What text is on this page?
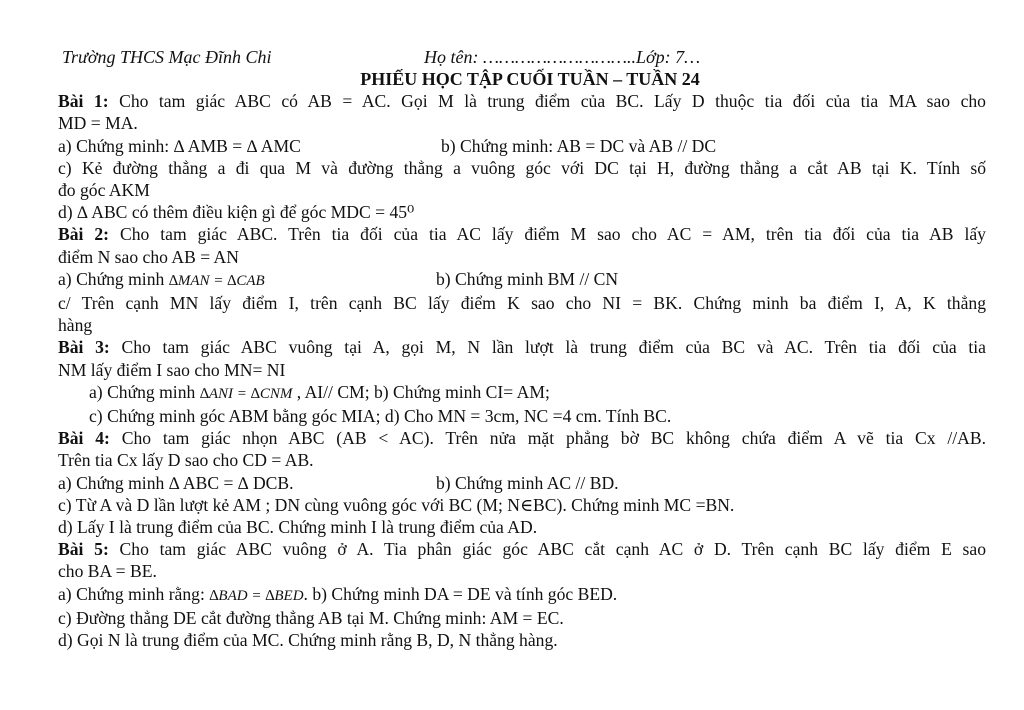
Trường THCS Mạc Đĩnh Chi	Họ tên: ………………………..Lớp: 7…
PHIẾU HỌC TẬP CUỐI TUẦN – TUẦN 24
Bài 1: Cho tam giác ABC có AB = AC. Gọi M là trung điểm của BC. Lấy D thuộc tia đối của tia MA sao cho
MD = MA.
a) Chứng minh: ∆ AMB = ∆ AMC	b) Chứng minh: AB = DC và AB // DC
c) Kẻ đường thẳng a đi qua M và đường thẳng a vuông góc với DC tại H, đường thẳng a cắt AB tại K. Tính số
đo góc AKM
d) ∆ ABC có thêm điều kiện gì để góc MDC = 45⁰
Bài 2: Cho tam giác ABC. Trên tia đối của tia AC lấy điểm M sao cho AC = AM, trên tia đối của tia AB lấy
điểm N sao cho AB = AN
a) Chứng minh ∆MAN = ∆CAB	b) Chứng minh BM // CN
c/ Trên cạnh MN lấy điểm I, trên cạnh BC lấy điểm K sao cho NI = BK. Chứng minh ba điểm I, A, K thẳng
hàng
Bài 3: Cho tam giác ABC vuông tại A, gọi M, N lần lượt là trung điểm của BC và AC. Trên tia đối của tia
NM lấy điểm I sao cho MN= NI
a) Chứng minh ∆ANI = ∆CNM , AI// CM; b) Chứng minh CI= AM;
c) Chứng minh góc ABM bằng góc MIA; d) Cho MN = 3cm, NC =4 cm. Tính BC.
Bài 4: Cho tam giác nhọn ABC (AB < AC). Trên nửa mặt phẳng bờ BC không chứa điểm A vẽ tia Cx //AB.
Trên tia Cx lấy D sao cho CD = AB.
a) Chứng minh ∆ ABC = ∆ DCB.	b) Chứng minh AC // BD.
c) Từ A và D lần lượt kẻ AM ; DN cùng vuông góc với BC (M; N∈BC). Chứng minh MC =BN.
d) Lấy I là trung điểm của BC. Chứng minh I là trung điểm của AD.
Bài 5: Cho tam giác ABC vuông ở A. Tia phân giác góc ABC cắt cạnh AC ở D. Trên cạnh BC lấy điểm E sao
cho BA = BE.
a) Chứng minh rằng: ∆BAD = ∆BED. b) Chứng minh DA = DE và tính góc BED.
c) Đường thẳng DE cắt đường thẳng AB tại M. Chứng minh: AM = EC.
d) Gọi N là trung điểm của MC. Chứng minh rằng B, D, N thẳng hàng.
